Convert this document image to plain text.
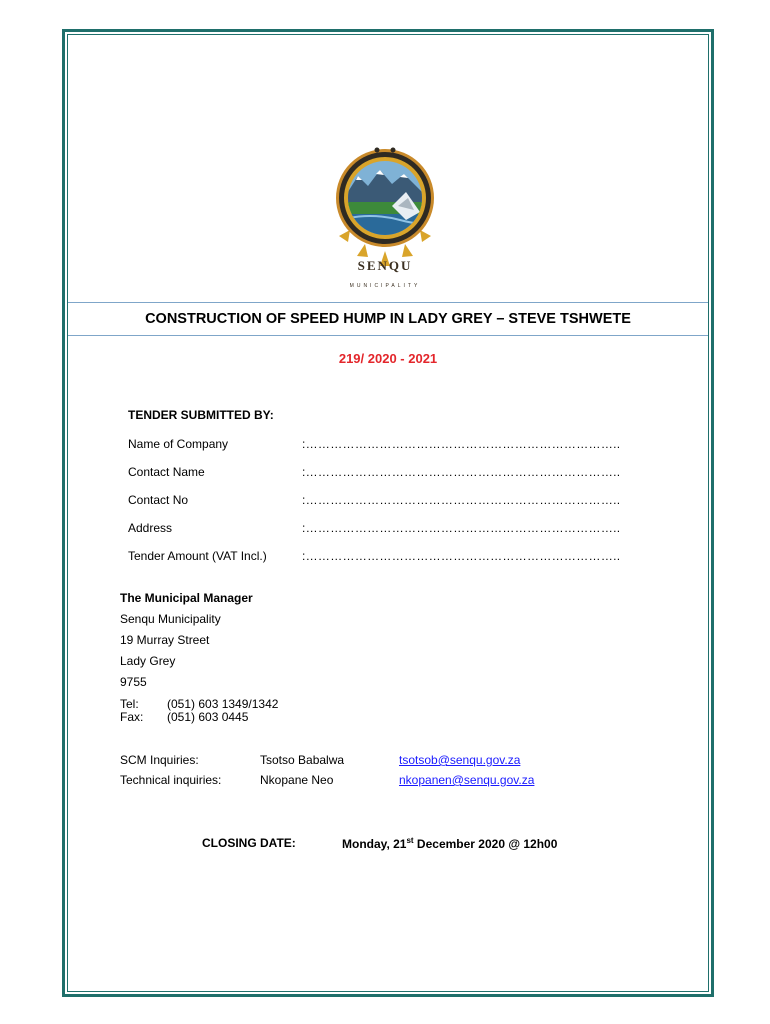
SENQU
MUNICIPALITY
CONSTRUCTION OF SPEED HUMP IN LADY GREY – STEVE TSHWETE
219/ 2020 - 2021
TENDER SUBMITTED BY:
Name of Company	:…………………………………………………………………..
Contact Name	:…………………………………………………………………..
Contact No	:…………………………………………………………………..
Address	:…………………………………………………………………..
Tender Amount (VAT Incl.)	:…………………………………………………………………..
The Municipal Manager
Senqu Municipality
19 Murray Street
Lady Grey
9755
Tel: (051) 603 1349/1342
Fax: (051) 603 0445
SCM Inquiries:	Tsotso Babalwa	tsotsob@senqu.gov.za
Technical inquiries:	Nkopane Neo	nkopanen@senqu.gov.za
CLOSING DATE:	Monday, 21st December 2020 @ 12h00
